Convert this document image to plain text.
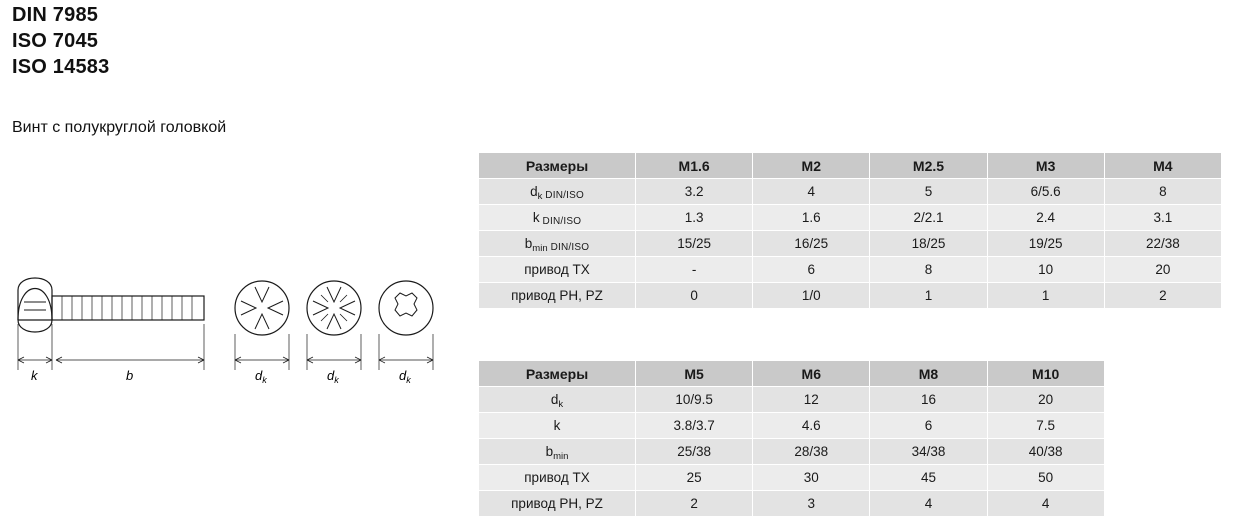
DIN 7985
ISO 7045
ISO 14583
Винт с полукруглой головкой
k	b	$d_k$	$d_k$	$d_k$
Размеры	M1.6	M2	M2.5	M3	M4
$d_k$ DIN/ISO	3.2	4	5	6/5.6	8
k DIN/ISO	1.3	1.6	2/2.1	2.4	3.1
$b_{min}$ DIN/ISO	15/25	16/25	18/25	19/25	22/38
привод TX	-	6	8	10	20
привод PH, PZ	0	1/0	1	1	2
Размеры	M5	M6	M8	M10	
$d_k$	10/9.5	12	16	20	
k	3.8/3.7	4.6	6	7.5	
$b_{min}$	25/38	28/38	34/38	40/38	
привод TX	25	30	45	50	
привод PH, PZ	2	3	4	4	
